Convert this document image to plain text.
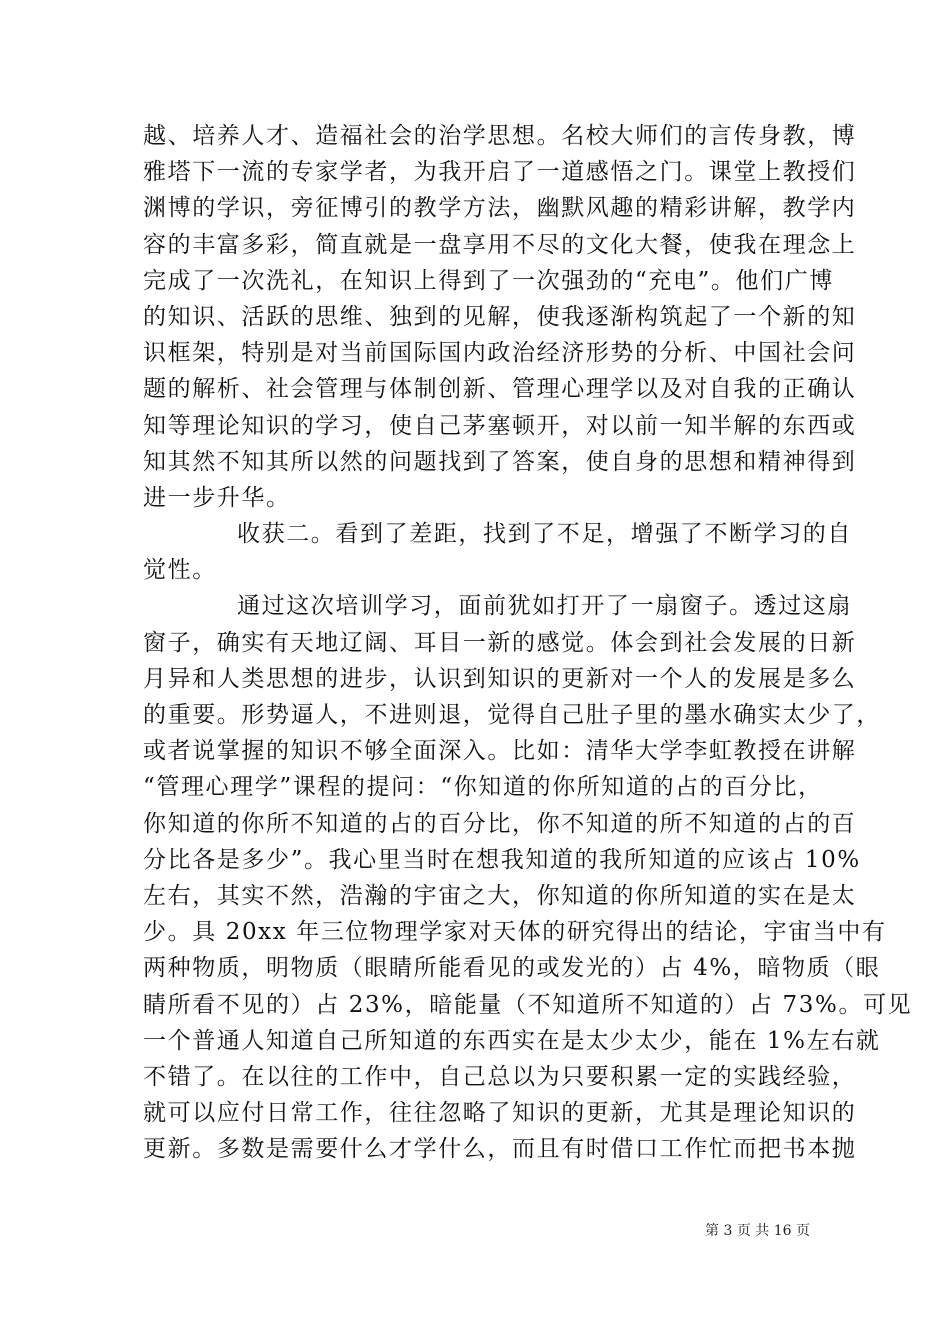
越、培养人才、造福社会的治学思想。名校大师们的言传身教，博
雅塔下一流的专家学者，为我开启了一道感悟之门。课堂上教授们
渊博的学识，旁征博引的教学方法，幽默风趣的精彩讲解，教学内
容的丰富多彩，简直就是一盘享用不尽的文化大餐，使我在理念上
完成了一次洗礼，在知识上得到了一次强劲的“充电”。他们广博
的知识、活跃的思维、独到的见解，使我逐渐构筑起了一个新的知
识框架，特别是对当前国际国内政治经济形势的分析、中国社会问
题的解析、社会管理与体制创新、管理心理学以及对自我的正确认
知等理论知识的学习，使自己茅塞顿开，对以前一知半解的东西或
知其然不知其所以然的问题找到了答案，使自身的思想和精神得到
进一步升华。
收获二。看到了差距，找到了不足，增强了不断学习的自
觉性。
通过这次培训学习，面前犹如打开了一扇窗子。透过这扇
窗子，确实有天地辽阔、耳目一新的感觉。体会到社会发展的日新
月异和人类思想的进步，认识到知识的更新对一个人的发展是多么
的重要。形势逼人，不进则退，觉得自己肚子里的墨水确实太少了，
或者说掌握的知识不够全面深入。比如：清华大学李虹教授在讲解
“管理心理学”课程的提问：“你知道的你所知道的占的百分比，
你知道的你所不知道的占的百分比，你不知道的所不知道的占的百
分比各是多少”。我心里当时在想我知道的我所知道的应该占 10%
左右，其实不然，浩瀚的宇宙之大，你知道的你所知道的实在是太
少。具 20xx 年三位物理学家对天体的研究得出的结论，宇宙当中有
两种物质，明物质（眼睛所能看见的或发光的）占 4%，暗物质（眼
睛所看不见的）占 23%，暗能量（不知道所不知道的）占 73%。可见
一个普通人知道自己所知道的东西实在是太少太少，能在 1%左右就
不错了。在以往的工作中，自己总以为只要积累一定的实践经验，
就可以应付日常工作，往往忽略了知识的更新，尤其是理论知识的
更新。多数是需要什么才学什么，而且有时借口工作忙而把书本抛
第 3 页 共 16 页
